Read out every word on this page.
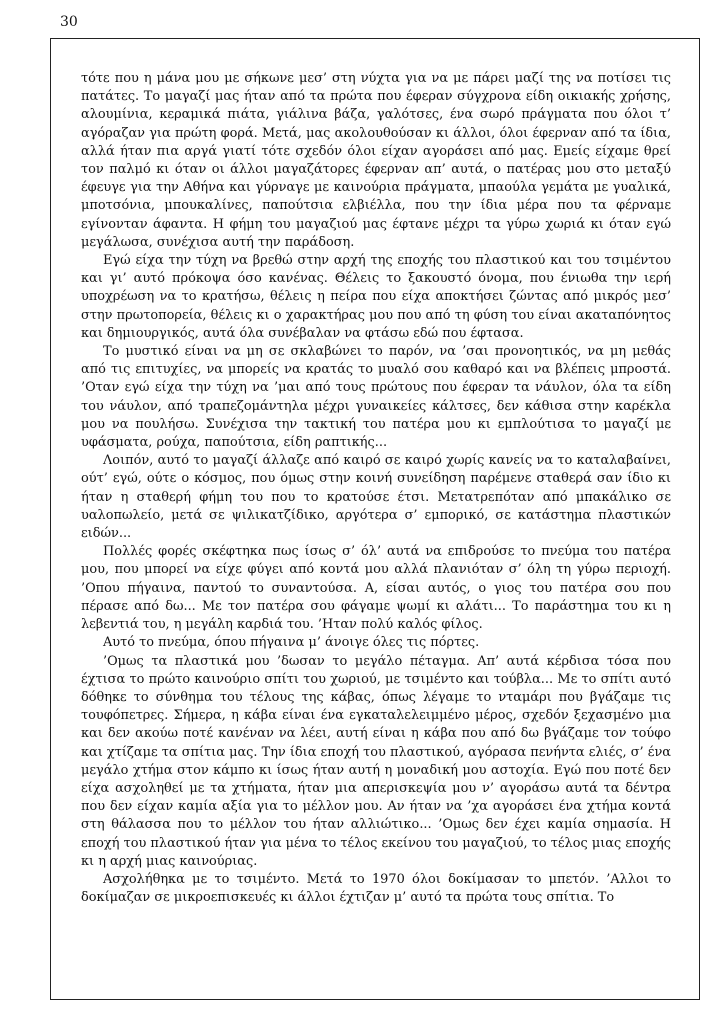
30

τότε που η μάνα μου με σήκωνε μεσ’ στη νύχτα για να με πάρει μαζί της να ποτίσει τις πατάτες. Το μαγαζί μας ήταν από τα πρώτα που έφεραν σύγχρονα είδη οικιακής χρήσης, αλουμίνια, κεραμικά πιάτα, γιάλινα βάζα, γαλότσες, ένα σωρό πράγματα που όλοι τ’ αγόραζαν για πρώτη φορά. Μετά, μας ακολουθούσαν κι άλλοι, όλοι έφερναν από τα ίδια, αλλά ήταν πια αργά γιατί τότε σχεδόν όλοι είχαν αγοράσει από μας. Εμείς είχαμε θρεί τον παλμό κι όταν οι άλλοι μαγαζάτορες έφερναν απ’ αυτά, ο πατέρας μου στο μεταξύ έφευγε για την Αθήνα και γύρναγε με καινούρια πράγματα, μπαούλα γεμάτα με γυαλικά, μποτσόνια, μπουκαλίνες, παπούτσια ελβιέλλα, που την ίδια μέρα που τα φέρναμε εγίνονταν άφαντα. Η φήμη του μαγαζιού μας έφτανε μέχρι τα γύρω χωριά κι όταν εγώ μεγάλωσα, συνέχισα αυτή την παράδοση.

Εγώ είχα την τύχη να βρεθώ στην αρχή της εποχής του πλαστικού και του τσιμέντου και γι’ αυτό πρόκοψα όσο κανένας. Θέλεις το ξακουστό όνομα, που ένιωθα την ιερή υποχρέωση να το κρατήσω, θέλεις η πείρα που είχα αποκτήσει ζώντας από μικρός μεσ’ στην πρωτοπορεία, θέλεις κι ο χαρακτήρας μου που από τη φύση του είναι ακαταπόνητος και δημιουργικός, αυτά όλα συνέβαλαν να φτάσω εδώ που έφτασα.

Το μυστικό είναι να μη σε σκλαβώνει το παρόν, να ’σαι προνοητικός, να μη μεθάς από τις επιτυχίες, να μπορείς να κρατάς το μυαλό σου καθαρό και να βλέπεις μπροστά. ’Οταν εγώ είχα την τύχη να ’μαι από τους πρώτους που έφεραν τα νάυλον, όλα τα είδη του νάυλον, από τραπεζομάντηλα μέχρι γυναικείες κάλτσες, δεν κάθισα στην καρέκλα μου να πουλήσω. Συνέχισα την τακτική του πατέρα μου κι εμπλούτισα το μαγαζί με υφάσματα, ρούχα, παπούτσια, είδη ραπτικής...

Λοιπόν, αυτό το μαγαζί άλλαζε από καιρό σε καιρό χωρίς κανείς να το καταλαβαίνει, ούτ’ εγώ, ούτε ο κόσμος, που όμως στην κοινή συνείδηση παρέμενε σταθερά σαν ίδιο κι ήταν η σταθερή φήμη του που το κρατούσε έτσι. Μετατρεπόταν από μπακάλικο σε υαλοπωλείο, μετά σε ψιλικατζίδικο, αργότερα σ’ εμπορικό, σε κατάστημα πλαστικών ειδών...

Πολλές φορές σκέφτηκα πως ίσως σ’ όλ’ αυτά να επιδρούσε το πνεύμα του πατέρα μου, που μπορεί να είχε φύγει από κοντά μου αλλά πλανιόταν σ’ όλη τη γύρω περιοχή. ’Οπου πήγαινα, παντού το συναντούσα. Α, είσαι αυτός, ο γιος του πατέρα σου που πέρασε από δω... Με τον πατέρα σου φάγαμε ψωμί κι αλάτι... Το παράστημα του κι η λεβεντιά του, η μεγάλη καρδιά του. ’Ηταν πολύ καλός φίλος.

Αυτό το πνεύμα, όπου πήγαινα μ’ άνοιγε όλες τις πόρτες.

’Ομως τα πλαστικά μου ’δωσαν το μεγάλο πέταγμα. Απ’ αυτά κέρδισα τόσα που έχτισα το πρώτο καινούριο σπίτι του χωριού, με τσιμέντο και τούβλα... Με το σπίτι αυτό δόθηκε το σύνθημα του τέλους της κάβας, όπως λέγαμε το νταμάρι που βγάζαμε τις τουφόπετρες. Σήμερα, η κάβα είναι ένα εγκαταλελειμμένο μέρος, σχεδόν ξεχασμένο μια και δεν ακούω ποτέ κανέναν να λέει, αυτή είναι η κάβα που από δω βγάζαμε τον τούφο και χτίζαμε τα σπίτια μας. Την ίδια εποχή του πλαστικού, αγόρασα πενήντα ελιές, σ’ ένα μεγάλο χτήμα στον κάμπο κι ίσως ήταν αυτή η μοναδική μου αστοχία. Εγώ που ποτέ δεν είχα ασχοληθεί με τα χτήματα, ήταν μια απερισκεψία μου ν’ αγοράσω αυτά τα δέντρα που δεν είχαν καμία αξία για το μέλλον μου. Αν ήταν να ’χα αγοράσει ένα χτήμα κοντά στη θάλασσα που το μέλλον του ήταν αλλιώτικο... ’Ομως δεν έχει καμία σημασία. Η εποχή του πλαστικού ήταν για μένα το τέλος εκείνου του μαγαζιού, το τέλος μιας εποχής κι η αρχή μιας καινούριας.

Ασχολήθηκα με το τσιμέντο. Μετά το 1970 όλοι δοκίμασαν το μπετόν. ’Αλλοι το δοκίμαζαν σε μικροεπισκευές κι άλλοι έχτιζαν μ’ αυτό τα πρώτα τους σπίτια. Το
